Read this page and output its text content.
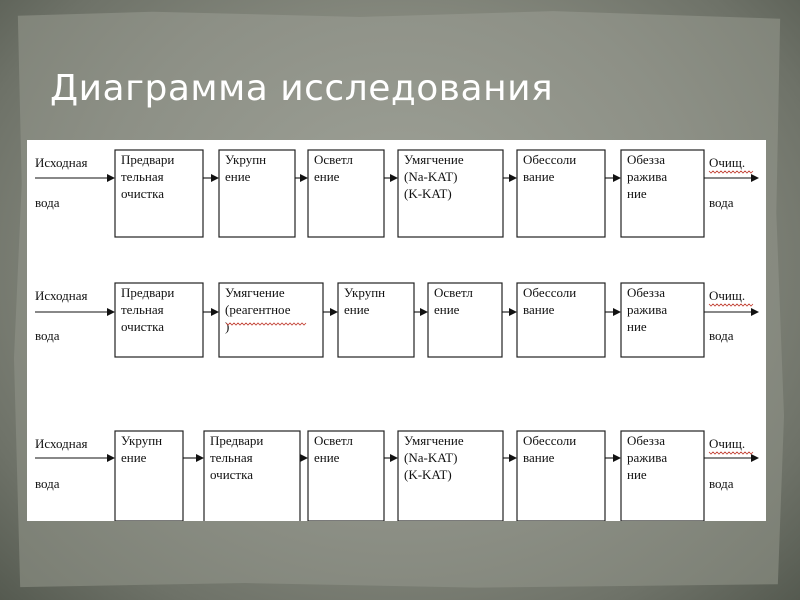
Диаграмма исследования
Исходная
вода
Предвари
тельная
очистка
Укрупн
ение
Осветл
ение
Умягчение
(Na-KAT)
(K-KAT)
Обессоли
вание
Обезза
раживa
ние
Очищ.
вода
Исходная
вода
Предвари
тельная
очистка
Умягчение
(реагентное
)
Укрупн
ение
Осветл
ение
Обессоли
вание
Обезза
раживa
ние
Очищ.
вода
Исходная
вода
Укрупн
ение
Предвари
тельная
очистка
Осветл
ение
Умягчение
(Na-KAT)
(K-KAT)
Обессоли
вание
Обезза
раживa
ние
Очищ.
вода
